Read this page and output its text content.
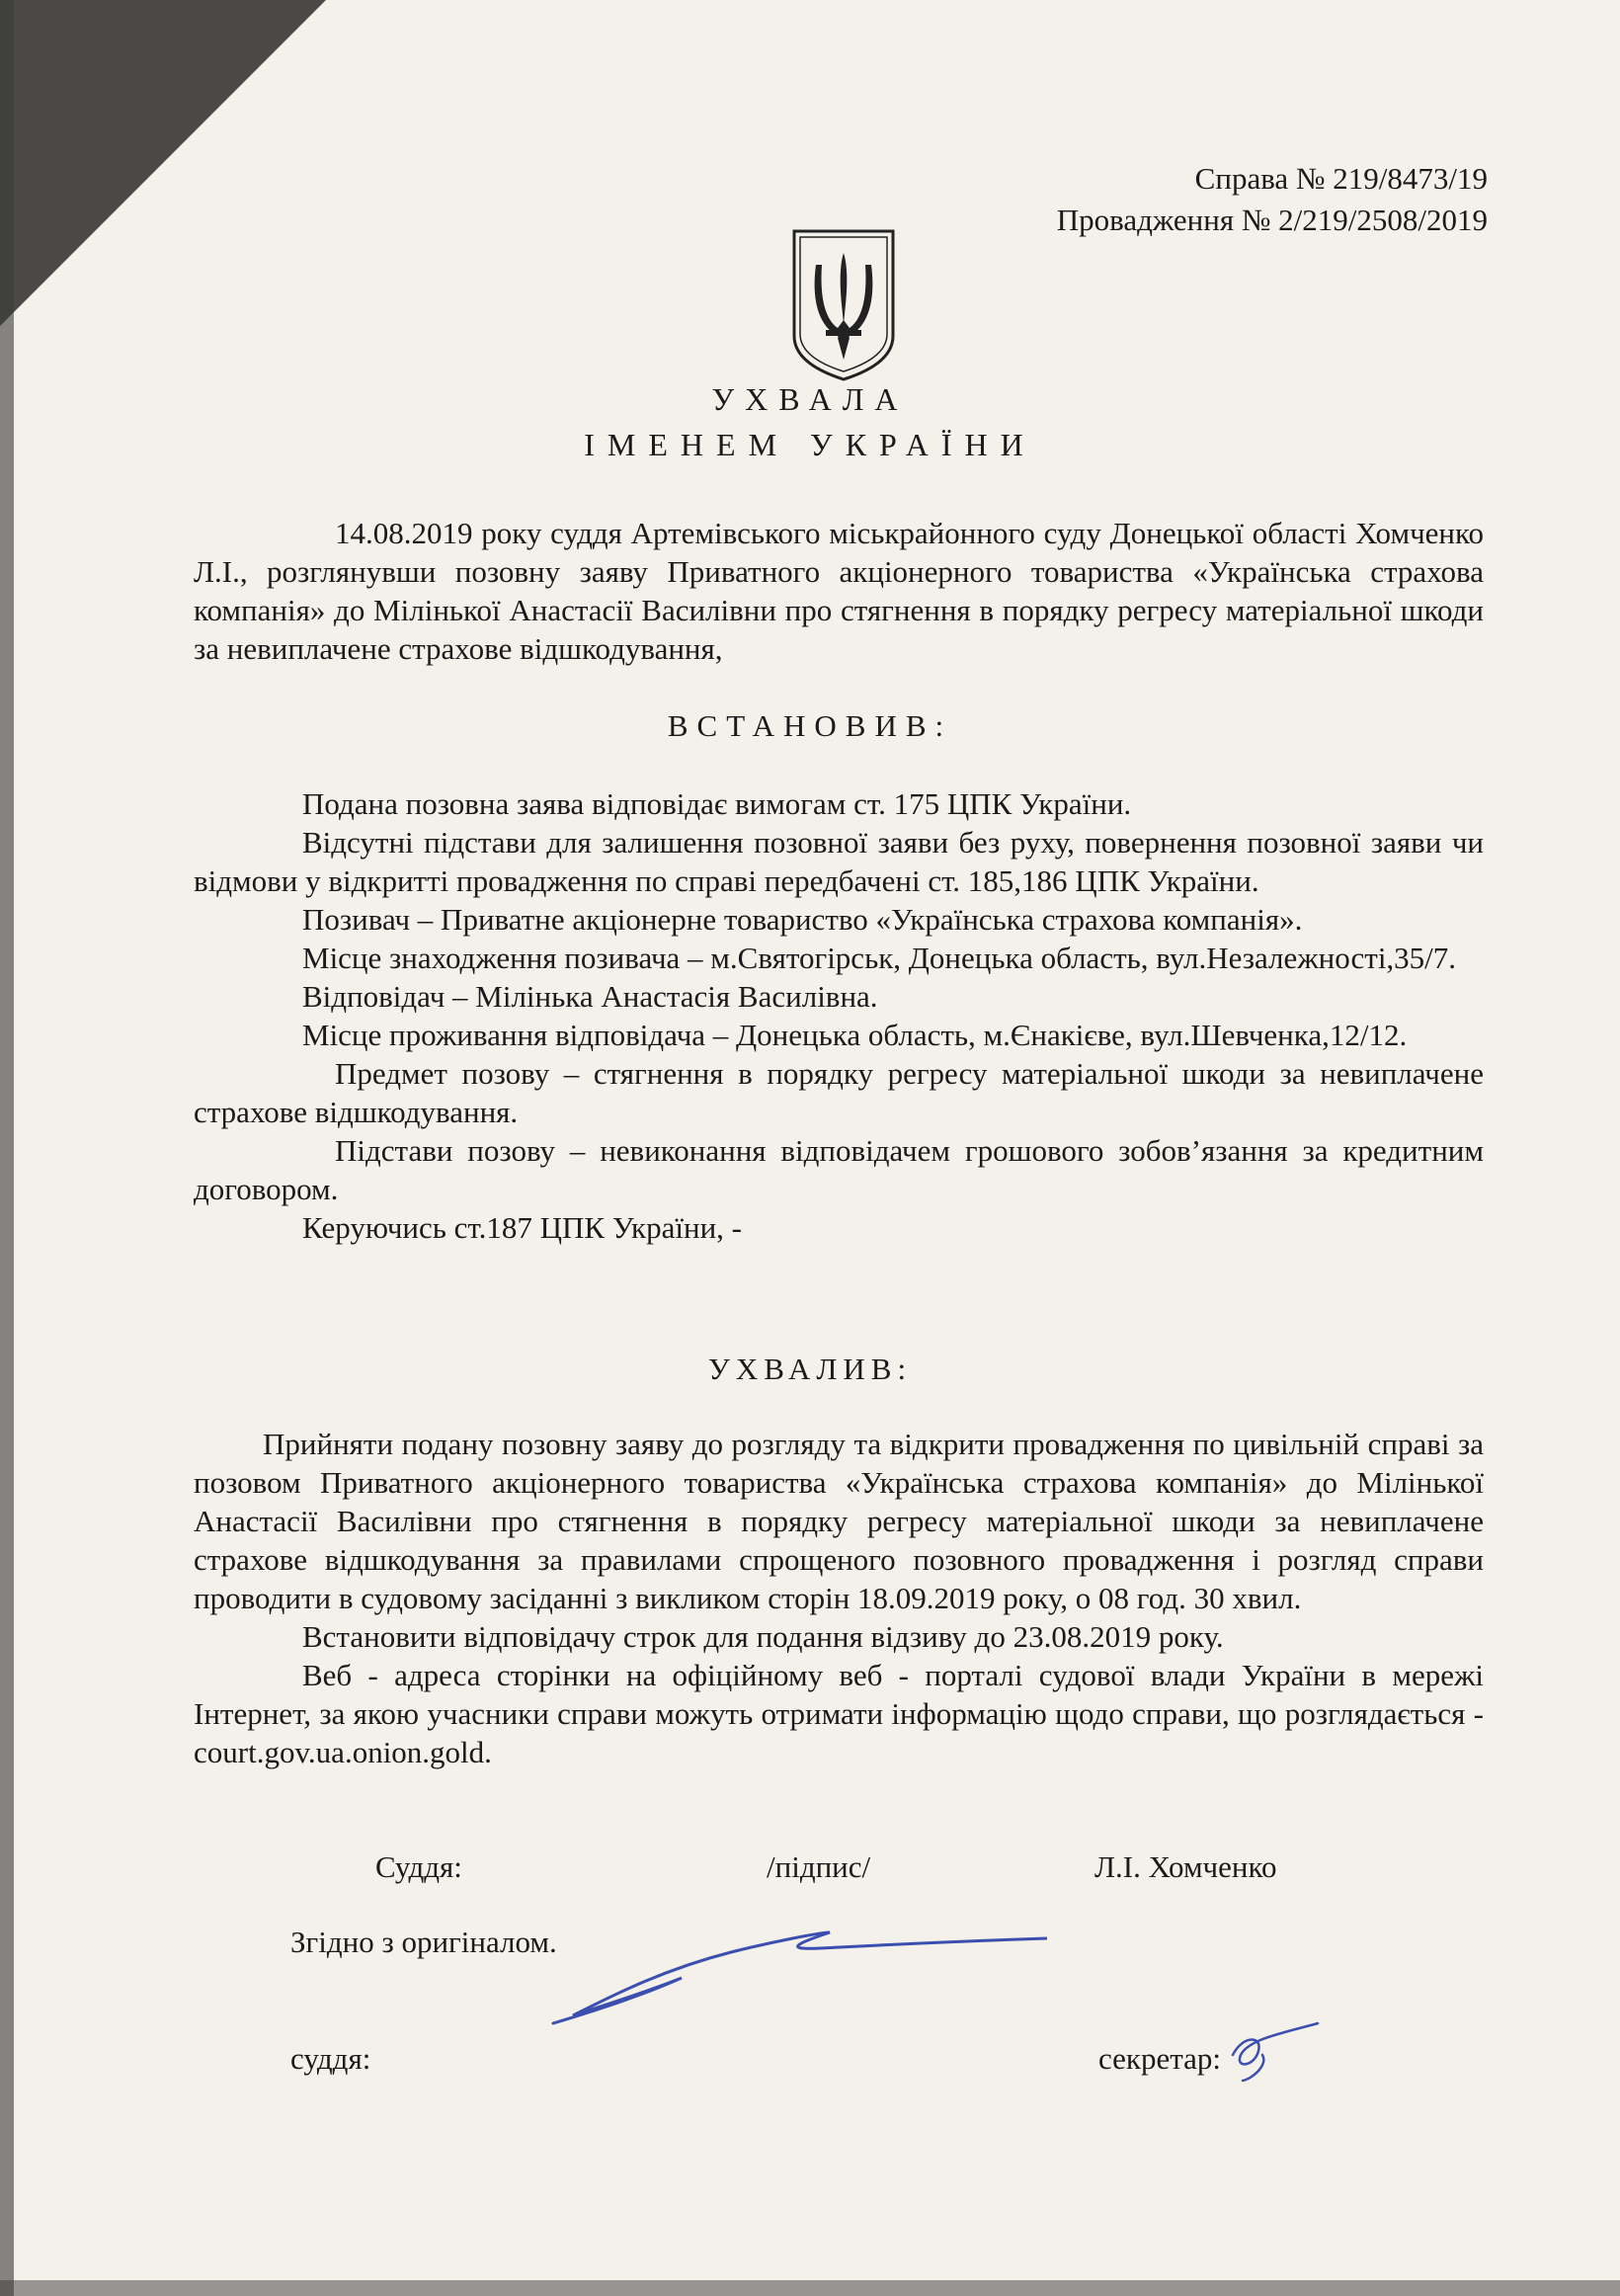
Справа № 219/8473/19
Провадження № 2/219/2508/2019
УХВАЛА
ІМЕНЕМ УКРАЇНИ

14.08.2019 року суддя Артемівського міськрайонного суду Донецької області Хомченко Л.І., розглянувши позовну заяву Приватного акціонерного товариства «Українська страхова компанія» до Мілінької Анастасії Василівни про стягнення в порядку регресу матеріальної шкоди за невиплачене страхове відшкодування,

ВСТАНОВИВ:

Подана позовна заява відповідає вимогам ст. 175 ЦПК України.

Відсутні підстави для залишення позовної заяви без руху, повернення позовної заяви чи відмови у відкритті провадження по справі передбачені ст. 185,186 ЦПК України.

Позивач – Приватне акціонерне товариство «Українська страхова компанія».

Місце знаходження позивача – м.Святогірськ, Донецька область, вул.Незалежності,35/7.

Відповідач – Мілінька Анастасія Василівна.

Місце проживання відповідача – Донецька область, м.Єнакієве, вул.Шевченка,12/12.

Предмет позову – стягнення в порядку регресу матеріальної шкоди за невиплачене страхове відшкодування.

Підстави позову – невиконання відповідачем грошового зобов’язання за кредитним договором.

Керуючись ст.187 ЦПК України, -

УХВАЛИВ:

Прийняти подану позовну заяву до розгляду та відкрити провадження по цивільній справі за позовом Приватного акціонерного товариства «Українська страхова компанія» до Мілінької Анастасії Василівни про стягнення в порядку регресу матеріальної шкоди за невиплачене страхове відшкодування за правилами спрощеного позовного провадження і розгляд справи проводити в судовому засіданні з викликом сторін 18.09.2019 року, о 08 год. 30 хвил.

Встановити відповідачу строк для подання відзиву до 23.08.2019 року.

Веб - адреса сторінки на офіційному веб - порталі судової влади України в мережі Інтернет, за якою учасники справи можуть отримати інформацію щодо справи, що розглядається - court.gov.ua.onion.gold.

Суддя:	/підпис/	Л.І. Хомченко
Згідно з оригіналом.
суддя:	секретар:
